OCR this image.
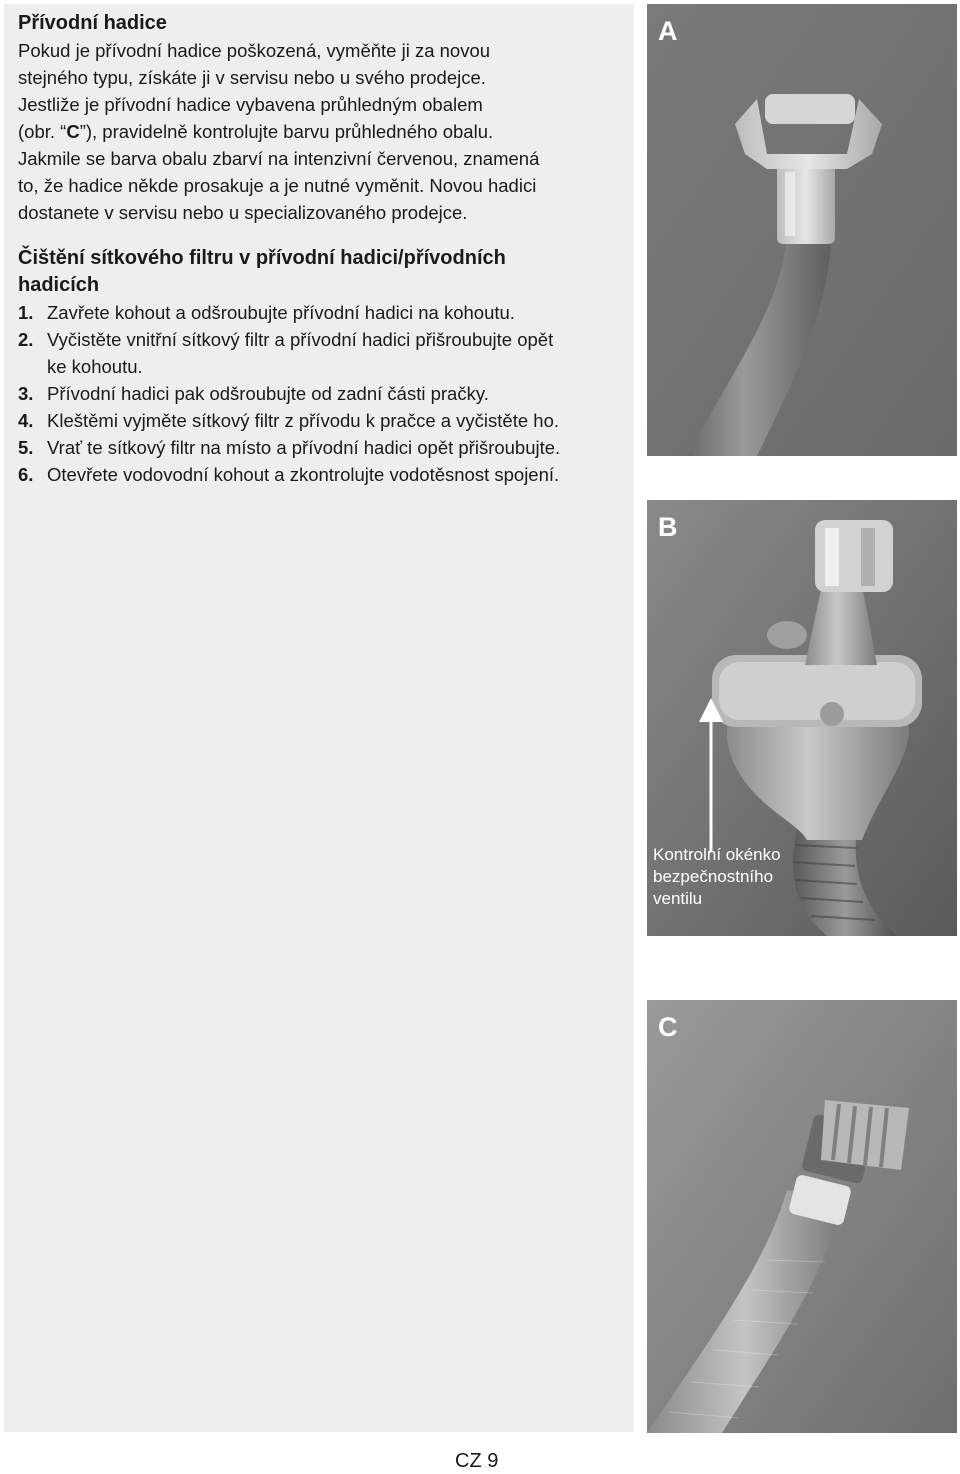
Přívodní hadice
Pokud je přívodní hadice poškozená, vyměňte ji za novou
stejného typu, získáte ji v servisu nebo u svého prodejce.
Jestliže je přívodní hadice vybavena průhledným obalem
(obr. “C”), pravidelně kontrolujte barvu průhledného obalu.
Jakmile se barva obalu zbarví na intenzivní červenou, znamená
to, že hadice někde prosakuje a je nutné vyměnit. Novou hadici
dostanete v servisu nebo u specializovaného prodejce.
Čištění sítkového filtru v přívodní hadici/přívodních
hadicích
1. Zavřete kohout a odšroubujte přívodní hadici na kohoutu.
2. Vyčistěte vnitřní sítkový filtr a přívodní hadici přišroubujte opět
ke kohoutu.
3. Přívodní hadici pak odšroubujte od zadní části pračky.
4. Kleštěmi vyjměte sítkový filtr z přívodu k pračce a vyčistěte ho.
5. Vrať te sítkový filtr na místo a přívodní hadici opět přišroubujte.
6. Otevřete vodovodní kohout a zkontrolujte vodotěsnost spojení.
A
B
Kontrolní okénko
bezpečnostního
ventilu
C
CZ 9
